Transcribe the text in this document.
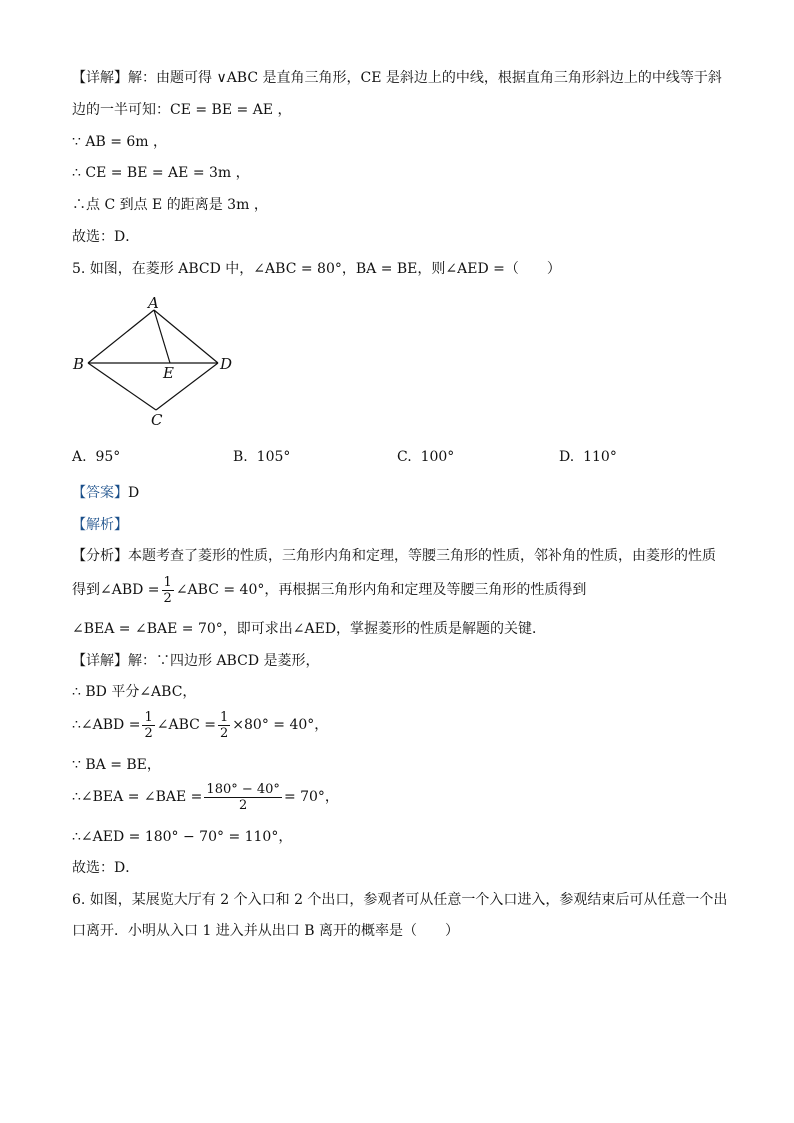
【详解】解：由题可得 ∨ABC 是直角三角形，CE 是斜边上的中线，根据直角三角形斜边上的中线等于斜
边的一半可知：CE = BE = AE ，
∵ AB = 6m ，
∴ CE = BE = AE = 3m ，
∴点 C 到点 E 的距离是 3m ，
故选：D．
5. 如图，在菱形 ABCD 中，∠ABC = 80°，BA = BE，则∠AED =（　　）
A
B	D
E
C
A. 95°	B. 105°	C. 100°	D. 110°
【答案】D
【解析】
【分析】本题考查了菱形的性质，三角形内角和定理，等腰三角形的性质，邻补角的性质，由菱形的性质
得到∠ABD = $\frac{1}{2}$ ∠ABC = 40°，再根据三角形内角和定理及等腰三角形的性质得到
∠BEA = ∠BAE = 70°，即可求出∠AED，掌握菱形的性质是解题的关键．
【详解】解：∵四边形 ABCD 是菱形，
∴ BD 平分∠ABC，
∴∠ABD = $\frac{1}{2}$ ∠ABC = $\frac{1}{2} \times 80^\circ = 40^\circ$，
∵ BA = BE，
∴∠BEA = ∠BAE = $\frac{180^\circ - 40^\circ}{2} = 70^\circ$，
∴∠AED = 180° − 70° = 110°，
故选：D．
6. 如图，某展览大厅有 2 个入口和 2 个出口，参观者可从任意一个入口进入，参观结束后可从任意一个出
口离开．小明从入口 1 进入并从出口 B 离开的概率是（　　）
